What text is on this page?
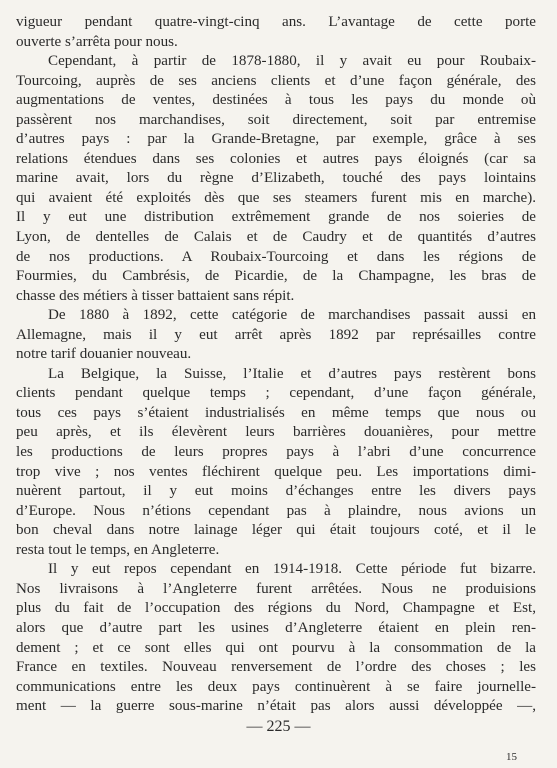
vigueur pendant quatre-vingt-cinq ans. L’avantage de cette porte
ouverte s’arrêta pour nous.
Cependant, à partir de 1878-1880, il y avait eu pour Roubaix-
Tourcoing, auprès de ses anciens clients et d’une façon générale, des
augmentations de ventes, destinées à tous les pays du monde où
passèrent nos marchandises, soit directement, soit par entremise
d’autres pays : par la Grande-Bretagne, par exemple, grâce à ses
relations étendues dans ses colonies et autres pays éloignés (car sa
marine avait, lors du règne d’Elizabeth, touché des pays lointains
qui avaient été exploités dès que ses steamers furent mis en marche).
Il y eut une distribution extrêmement grande de nos soieries de
Lyon, de dentelles de Calais et de Caudry et de quantités d’autres
de nos productions. A Roubaix-Tourcoing et dans les régions de
Fourmies, du Cambrésis, de Picardie, de la Champagne, les bras de
chasse des métiers à tisser battaient sans répit.
De 1880 à 1892, cette catégorie de marchandises passait aussi en
Allemagne, mais il y eut arrêt après 1892 par représailles contre
notre tarif douanier nouveau.
La Belgique, la Suisse, l’Italie et d’autres pays restèrent bons
clients pendant quelque temps ; cependant, d’une façon générale,
tous ces pays s’étaient industrialisés en même temps que nous ou
peu après, et ils élevèrent leurs barrières douanières, pour mettre
les productions de leurs propres pays à l’abri d’une concurrence
trop vive ; nos ventes fléchirent quelque peu. Les importations dimi-
nuèrent partout, il y eut moins d’échanges entre les divers pays
d’Europe. Nous n’étions cependant pas à plaindre, nous avions un
bon cheval dans notre lainage léger qui était toujours coté, et il le
resta tout le temps, en Angleterre.
Il y eut repos cependant en 1914-1918. Cette période fut bizarre.
Nos livraisons à l’Angleterre furent arrêtées. Nous ne produisions
plus du fait de l’occupation des régions du Nord, Champagne et Est,
alors que d’autre part les usines d’Angleterre étaient en plein ren-
dement ; et ce sont elles qui ont pourvu à la consommation de la
France en textiles. Nouveau renversement de l’ordre des choses ; les
communications entre les deux pays continuèrent à se faire journelle-
ment — la guerre sous-marine n’était pas alors aussi développée —,
— 225 —
15
